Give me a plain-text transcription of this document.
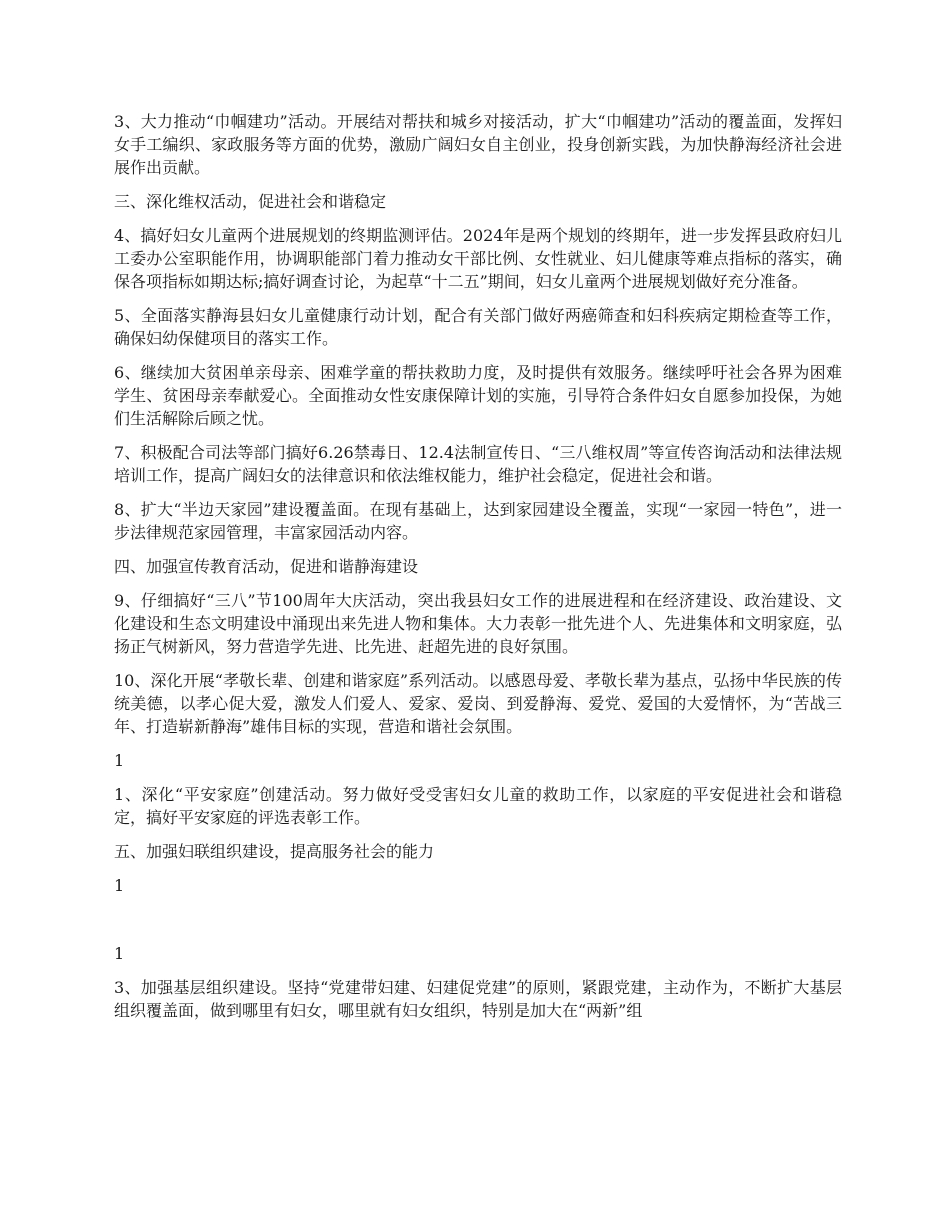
3、大力推动“巾帼建功”活动。开展结对帮扶和城乡对接活动，扩大“巾帼建功”活动的覆盖面，发挥妇女手工编织、家政服务等方面的优势，激励广阔妇女自主创业，投身创新实践，为加快静海经济社会进展作出贡献。

三、深化维权活动，促进社会和谐稳定

4、搞好妇女儿童两个进展规划的终期监测评估。2024年是两个规划的终期年，进一步发挥县政府妇儿工委办公室职能作用，协调职能部门着力推动女干部比例、女性就业、妇儿健康等难点指标的落实，确保各项指标如期达标;搞好调查讨论，为起草“十二五”期间，妇女儿童两个进展规划做好充分准备。

5、全面落实静海县妇女儿童健康行动计划，配合有关部门做好两癌筛查和妇科疾病定期检查等工作，确保妇幼保健项目的落实工作。

6、继续加大贫困单亲母亲、困难学童的帮扶救助力度，及时提供有效服务。继续呼吁社会各界为困难学生、贫困母亲奉献爱心。全面推动女性安康保障计划的实施，引导符合条件妇女自愿参加投保，为她们生活解除后顾之忧。

7、积极配合司法等部门搞好6.26禁毒日、12.4法制宣传日、“三八维权周”等宣传咨询活动和法律法规培训工作，提高广阔妇女的法律意识和依法维权能力，维护社会稳定，促进社会和谐。

8、扩大“半边天家园”建设覆盖面。在现有基础上，达到家园建设全覆盖，实现“一家园一特色”，进一步法律规范家园管理，丰富家园活动内容。

四、加强宣传教育活动，促进和谐静海建设

9、仔细搞好“三八”节100周年大庆活动，突出我县妇女工作的进展进程和在经济建设、政治建设、文化建设和生态文明建设中涌现出来先进人物和集体。大力表彰一批先进个人、先进集体和文明家庭，弘扬正气树新风，努力营造学先进、比先进、赶超先进的良好氛围。

10、深化开展“孝敬长辈、创建和谐家庭”系列活动。以感恩母爱、孝敬长辈为基点，弘扬中华民族的传统美德，以孝心促大爱，激发人们爱人、爱家、爱岗、到爱静海、爱党、爱国的大爱情怀，为“苦战三年、打造崭新静海”雄伟目标的实现，营造和谐社会氛围。

1

1、深化“平安家庭”创建活动。努力做好受受害妇女儿童的救助工作，以家庭的平安促进社会和谐稳定，搞好平安家庭的评选表彰工作。

五、加强妇联组织建设，提高服务社会的能力

1

1

3、加强基层组织建设。坚持“党建带妇建、妇建促党建”的原则，紧跟党建，主动作为，不断扩大基层组织覆盖面，做到哪里有妇女，哪里就有妇女组织，特别是加大在“两新”组
